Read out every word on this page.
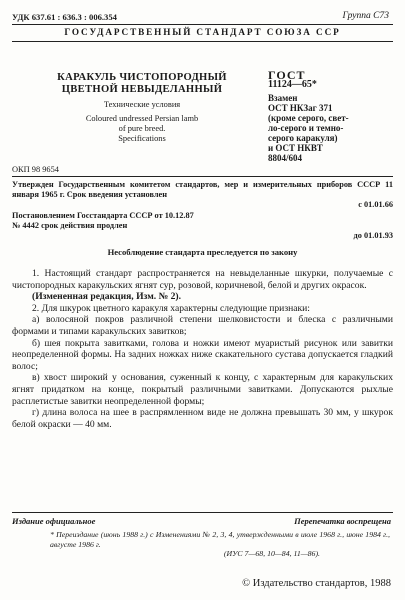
УДК 637.61 : 636.3 : 006.354	Группа С73
ГОСУДАРСТВЕННЫЙ СТАНДАРТ СОЮЗА ССР
КАРАКУЛЬ ЧИСТОПОРОДНЫЙ
ЦВЕТНОЙ НЕВЫДЕЛАННЫЙ
Технические условия
Coloured undressed Persian lamb
of pure breed.
Specifications
ГОСТ
11124—65*
Взамен
ОСТ НКЗаг 371
(кроме серого, свет-
ло-серого и темно-
серого каракуля)
и ОСТ НКВТ
8804/604
ОКП 98 9654
Утвержден Государственным комитетом стандартов, мер и измерительных приборов СССР 11 января 1965 г. Срок введения установлен
с 01.01.66
Постановлением Госстандарта СССР от 10.12.87
№ 4442 срок действия продлен
до 01.01.93
Несоблюдение стандарта преследуется по закону

1. Настоящий стандарт распространяется на невыделанные шкурки, получаемые с чистопородных каракульских ягнят сур, розовой, коричневой, белой и других окрасок.

(Измененная редакция, Изм. № 2).

2. Для шкурок цветного каракуля характерны следующие признаки:

а) волосяной покров различной степени шелковистости и блеска с различными формами и типами каракульских завитков;

б) шея покрыта завитками, голова и ножки имеют муаристый рисунок или завитки неопределенной формы. На задних ножках ниже скакательного сустава допускается гладкий волос;

в) хвост широкий у основания, суженный к концу, с характерным для каракульских ягнят придатком на конце, покрытый различными завитками. Допускаются рыхлые расплетистые завитки неопределенной формы;

г) длина волоса на шее в распрямленном виде не должна превышать 30 мм, у шкурок белой окраски — 40 мм.

Издание официальное	Перепечатка воспрещена
* Переиздание (июнь 1988 г.) с Изменениями № 2, 3, 4, утвержденными в июле 1968 г., июне 1984 г., августе 1986 г.
(ИУС 7—68, 10—84, 11—86).
© Издательство стандартов, 1988
